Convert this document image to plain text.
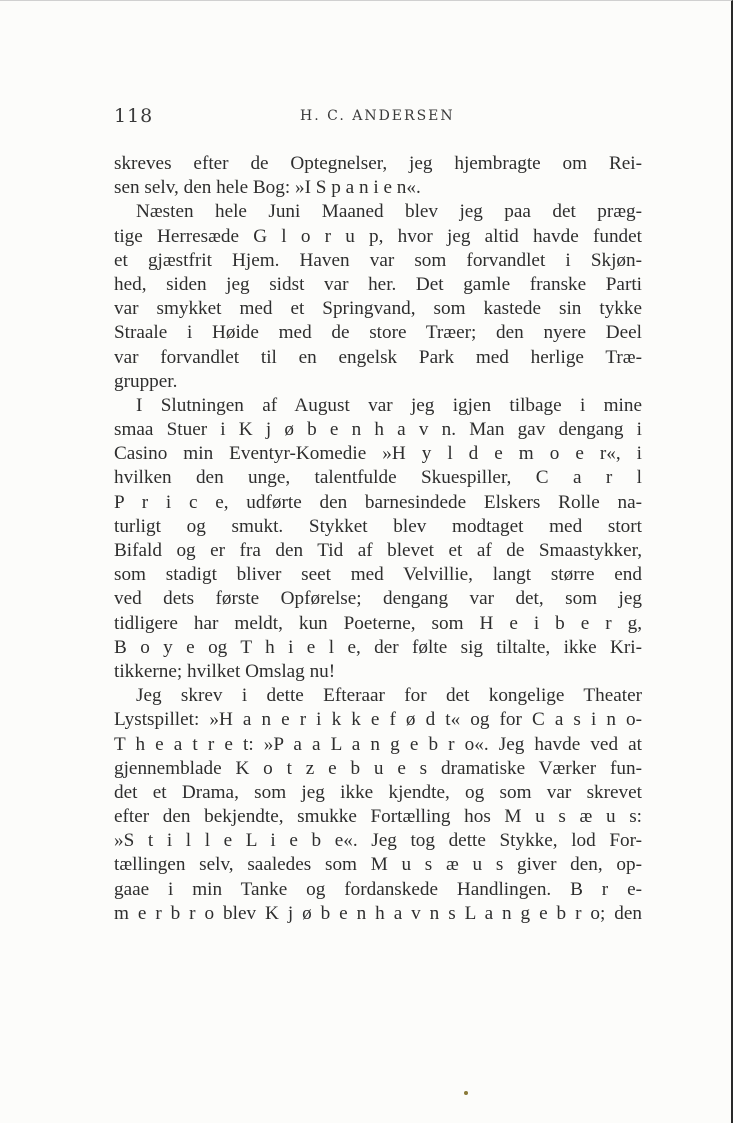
118	H. C. ANDERSEN
skreves efter de Optegnelser, jeg hjembragte om Rei-
sen selv, den hele Bog: »I S p a n i e n«.
Næsten hele Juni Maaned blev jeg paa det præg-
tige Herresæde G l o r u p, hvor jeg altid havde fundet
et gjæstfrit Hjem. Haven var som forvandlet i Skjøn-
hed, siden jeg sidst var her. Det gamle franske Parti
var smykket med et Springvand, som kastede sin tykke
Straale i Høide med de store Træer; den nyere Deel
var forvandlet til en engelsk Park med herlige Træ-
grupper.
I Slutningen af August var jeg igjen tilbage i mine
smaa Stuer i K j ø b e n h a v n. Man gav dengang i
Casino min Eventyr-Komedie »H y l d e m o e r«, i
hvilken den unge, talentfulde Skuespiller, C a r l
P r i c e, udførte den barnesindede Elskers Rolle na-
turligt og smukt. Stykket blev modtaget med stort
Bifald og er fra den Tid af blevet et af de Smaastykker,
som stadigt bliver seet med Velvillie, langt større end
ved dets første Opførelse; dengang var det, som jeg
tidligere har meldt, kun Poeterne, som H e i b e r g,
B o y e og T h i e l e, der følte sig tiltalte, ikke Kri-
tikkerne; hvilket Omslag nu!
Jeg skrev i dette Efteraar for det kongelige Theater
Lystspillet: »H a n e r i k k e f ø d t« og for C a s i n o-
T h e a t r e t: »P a a L a n g e b r o«. Jeg havde ved at
gjennemblade K o t z e b u e s dramatiske Værker fun-
det et Drama, som jeg ikke kjendte, og som var skrevet
efter den bekjendte, smukke Fortælling hos M u s æ u s:
»S t i l l e L i e b e«. Jeg tog dette Stykke, lod For-
tællingen selv, saaledes som M u s æ u s giver den, op-
gaae i min Tanke og fordanskede Handlingen. B r e-
m e r b r o blev K j ø b e n h a v n s L a n g e b r o; den
